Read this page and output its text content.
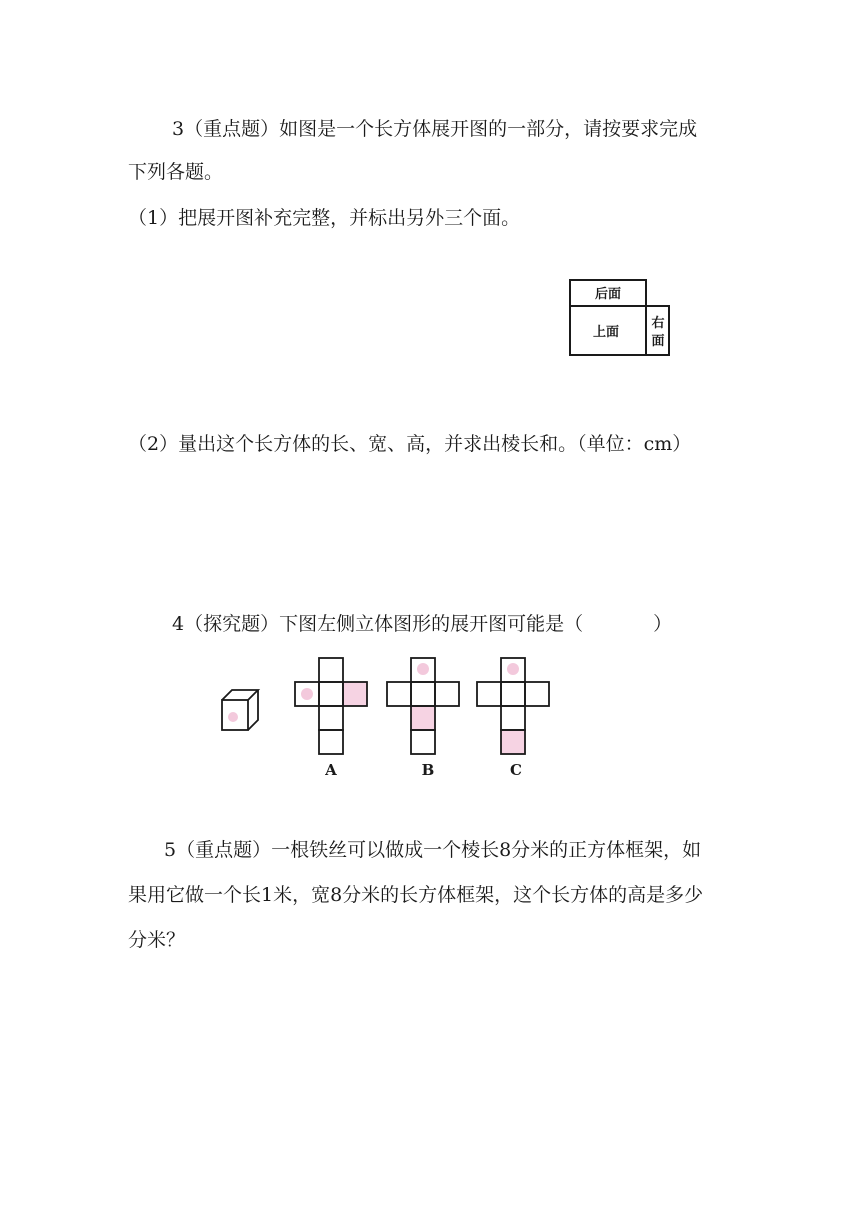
3（重点题）如图是一个长方体展开图的一部分，请按要求完成
下列各题。
（1）把展开图补充完整，并标出另外三个面。
后面
上面
右
面
（2）量出这个长方体的长、宽、高，并求出棱长和。（单位：cm）
4（探究题）下图左侧立体图形的展开图可能是（	）
A	B	C
5（重点题）一根铁丝可以做成一个棱长8分米的正方体框架，如
果用它做一个长1米，宽8分米的长方体框架，这个长方体的高是多少
分米？
